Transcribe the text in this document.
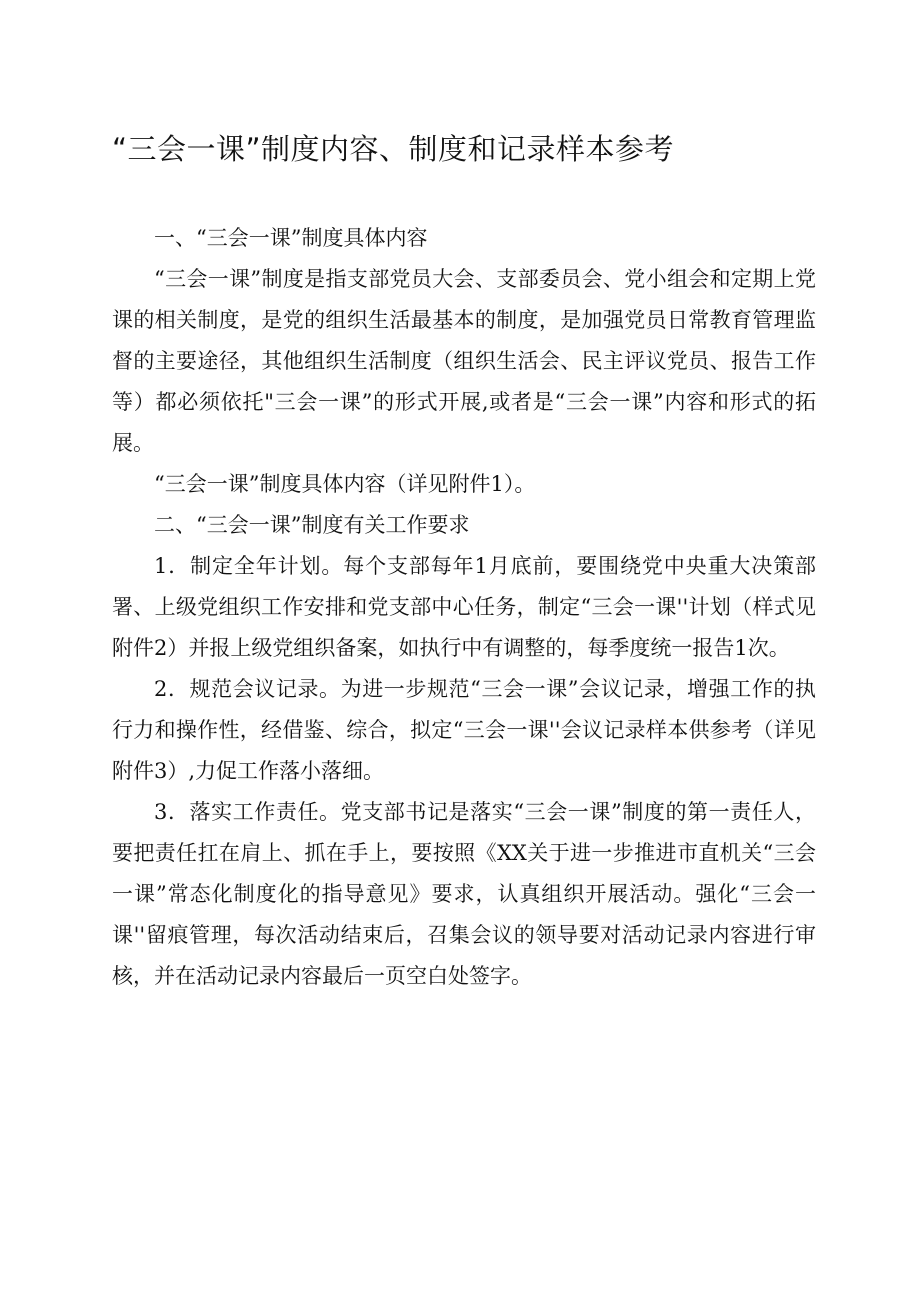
“三会一课”制度内容、制度和记录样本参考

一、“三会一课”制度具体内容

“三会一课”制度是指支部党员大会、支部委员会、党小组会和定期上党课的相关制度，是党的组织生活最基本的制度，是加强党员日常教育管理监督的主要途径，其他组织生活制度（组织生活会、民主评议党员、报告工作等）都必须依托"三会一课”的形式开展,或者是“三会一课”内容和形式的拓展。

“三会一课”制度具体内容（详见附件1）。

二、“三会一课”制度有关工作要求

1．制定全年计划。每个支部每年1月底前，要围绕党中央重大决策部署、上级党组织工作安排和党支部中心任务，制定“三会一课''计划（样式见附件2）并报上级党组织备案，如执行中有调整的，每季度统一报告1次。

2．规范会议记录。为进一步规范“三会一课”会议记录，增强工作的执行力和操作性，经借鉴、综合，拟定“三会一课''会议记录样本供参考（详见附件3）,力促工作落小落细。

3．落实工作责任。党支部书记是落实“三会一课”制度的第一责任人，要把责任扛在肩上、抓在手上，要按照《XX关于进一步推进市直机关“三会一课”常态化制度化的指导意见》要求，认真组织开展活动。强化“三会一课''留痕管理，每次活动结束后，召集会议的领导要对活动记录内容进行审核，并在活动记录内容最后一页空白处签字。
